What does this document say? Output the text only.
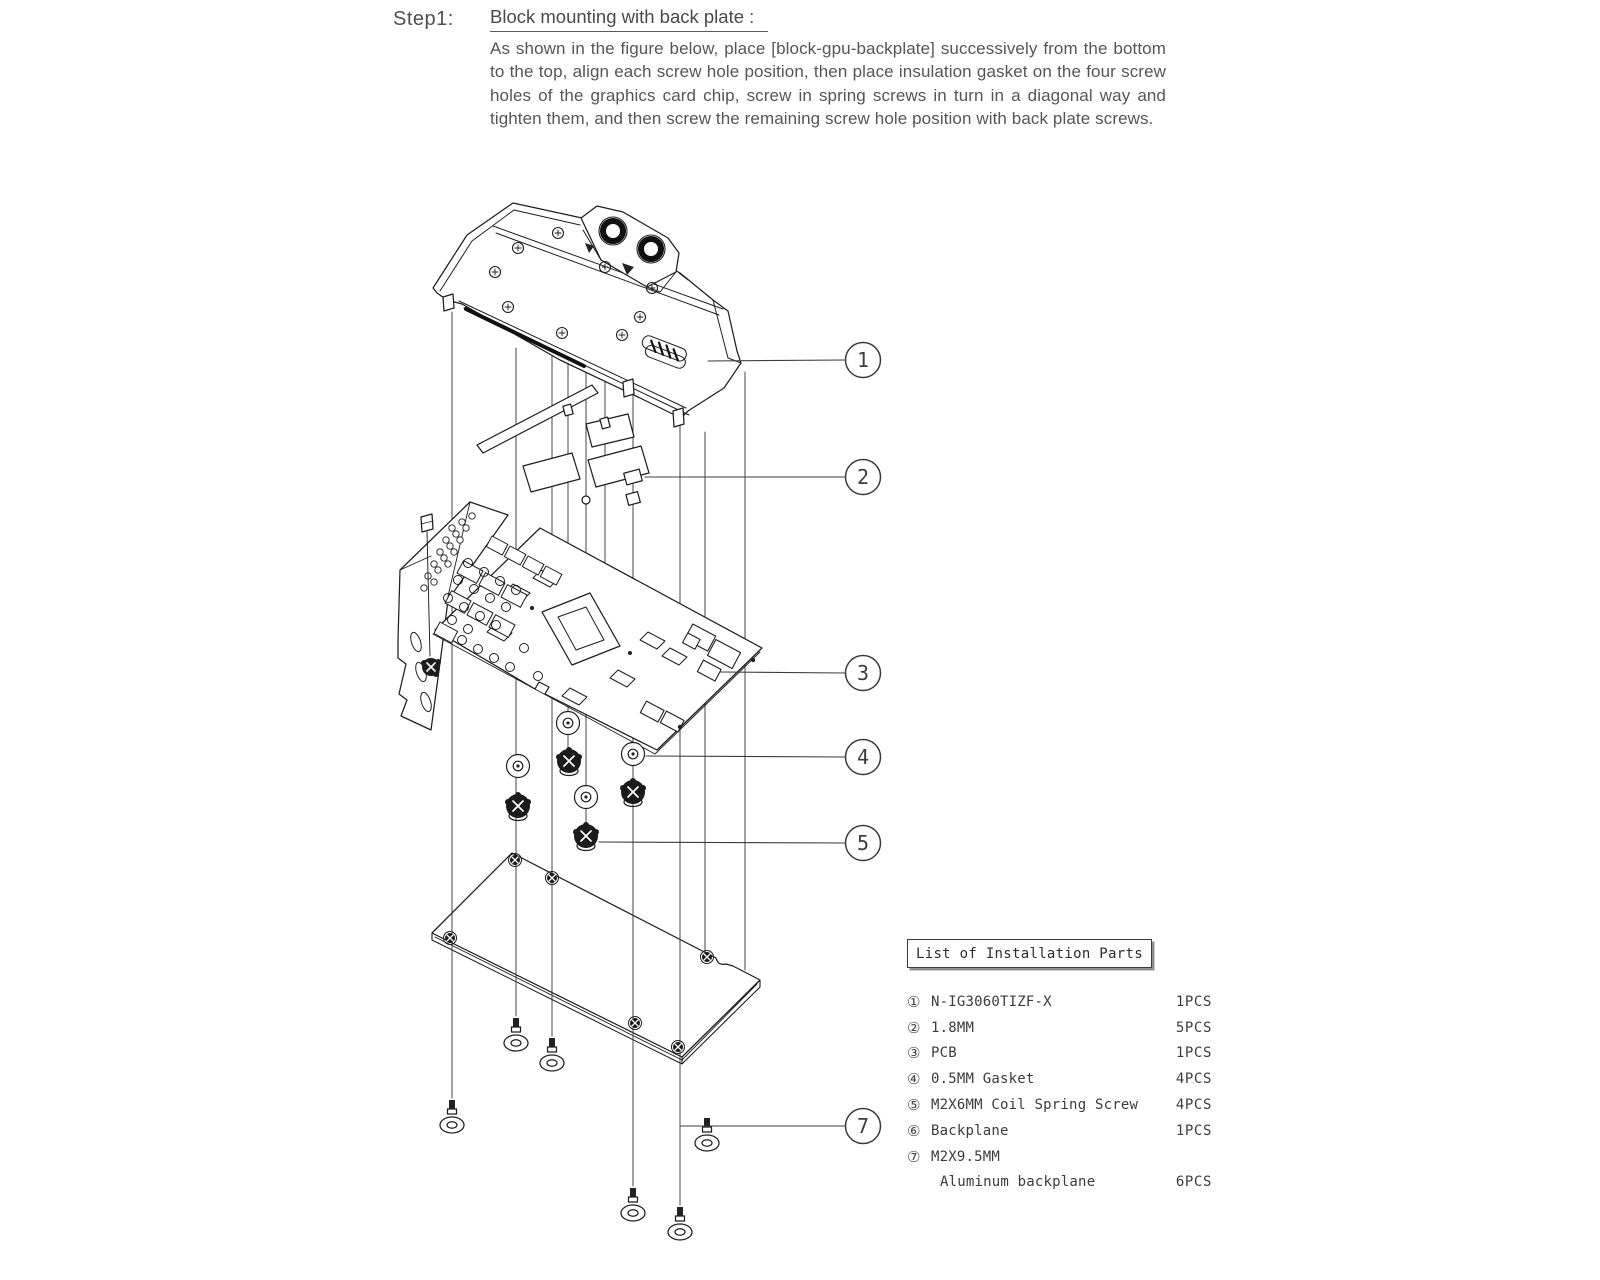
Step1:	Block mounting with back plate :

As shown in the figure below, place [block-gpu-backplate] successively from the bottom to the top, align each screw hole position, then place insulation gasket on the four screw holes of the graphics card chip, screw in spring screws in turn in a diagonal way and tighten them, and then screw the remaining screw hole position with back plate screws.

1
2
3
4
5
7
List of Installation Parts
① N-IG3060TIZF-X	1PCS
② 1.8MM	5PCS
③ PCB	1PCS
④ 0.5MM Gasket	4PCS
⑤ M2X6MM Coil Spring Screw	4PCS
⑥ Backplane	1PCS
⑦ M2X9.5MM
Aluminum backplane	6PCS
